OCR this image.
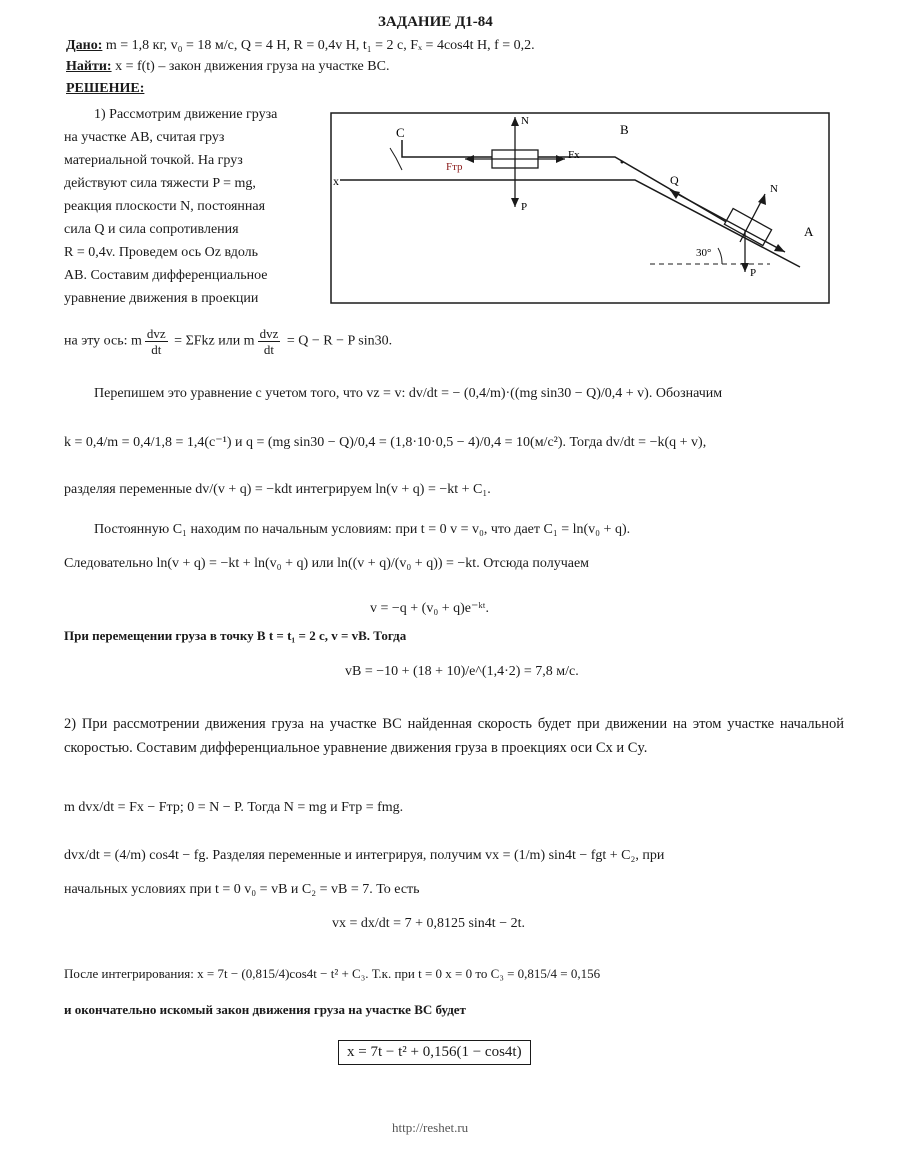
ЗАДАНИЕ Д1-84
Дано: m = 1,8 кг, v₀ = 18 м/с, Q = 4 Н, R = 0,4v Н, t₁ = 2 с, Fₓ = 4cos4t Н, f = 0,2.
Найти: x = f(t) – закон движения груза на участке BC.
РЕШЕНИЕ:
1) Рассмотрим движение груза
на участке AB, считая груз
материальной точкой. На груз
действуют сила тяжести P = mg,
реакция плоскости N, постоянная
сила Q и сила сопротивления
R = 0,4v. Проведем ось Oz вдоль
AB. Составим дифференциальное
уравнение движения в проекции
C	B
A
x
N
P
Fx
Fтр
Q
N
P
30°
на эту ось: m $\frac{\text{dvz}}{dt} = \Sigma Fkz$ или m $\frac{\text{dvz}}{dt} = Q - R - P$ sin30.
Перепишем это уравнение с учетом того, что vz = v: dv/dt = − (0,4/m)·((mg sin30 − Q)/0,4 + v). Обозначим
k = 0,4/m = 0,4/1,8 = 1,4(с⁻¹) и q = (mg sin30 − Q)/0,4 = (1,8·10·0,5 − 4)/0,4 = 10(м/с²). Тогда dv/dt = −k(q + v),
разделяя переменные dv/(v + q) = −kdt интегрируем ln(v + q) = −kt + C₁.
Постоянную C₁ находим по начальным условиям: при t = 0 v = v₀, что дает C₁ = ln(v₀ + q).
Следовательно ln(v + q) = −kt + ln(v₀ + q) или ln((v + q)/(v₀ + q)) = −kt. Отсюда получаем
v = −q + (v₀ + q)e⁻ᵏᵗ.
При перемещении груза в точку B t = t₁ = 2 с, v = vB. Тогда
vB = −10 + (18 + 10)/e^(1,4·2) = 7,8 м/с.
2) При рассмотрении движения груза на участке BC найденная скорость будет при движении на этом участке начальной скоростью. Составим дифференциальное уравнение движения груза в проекциях оси Cx и Cy.
m dvx/dt = Fx − Fтр; 0 = N − P. Тогда N = mg и Fтр = fmg.
dvx/dt = (4/m) cos4t − fg. Разделяя переменные и интегрируя, получим vx = (1/m) sin4t − fgt + C₂, при
начальных условиях при t = 0 v₀ = vB и C₂ = vB = 7. То есть
vx = dx/dt = 7 + 0,8125 sin4t − 2t.
После интегрирования: x = 7t − (0,815/4)cos4t − t² + C₃. Т.к. при t = 0 x = 0 то C₃ = 0,815/4 = 0,156
и окончательно искомый закон движения груза на участке BC будет
x = 7t − t² + 0,156(1 − cos4t)
http://reshet.ru
